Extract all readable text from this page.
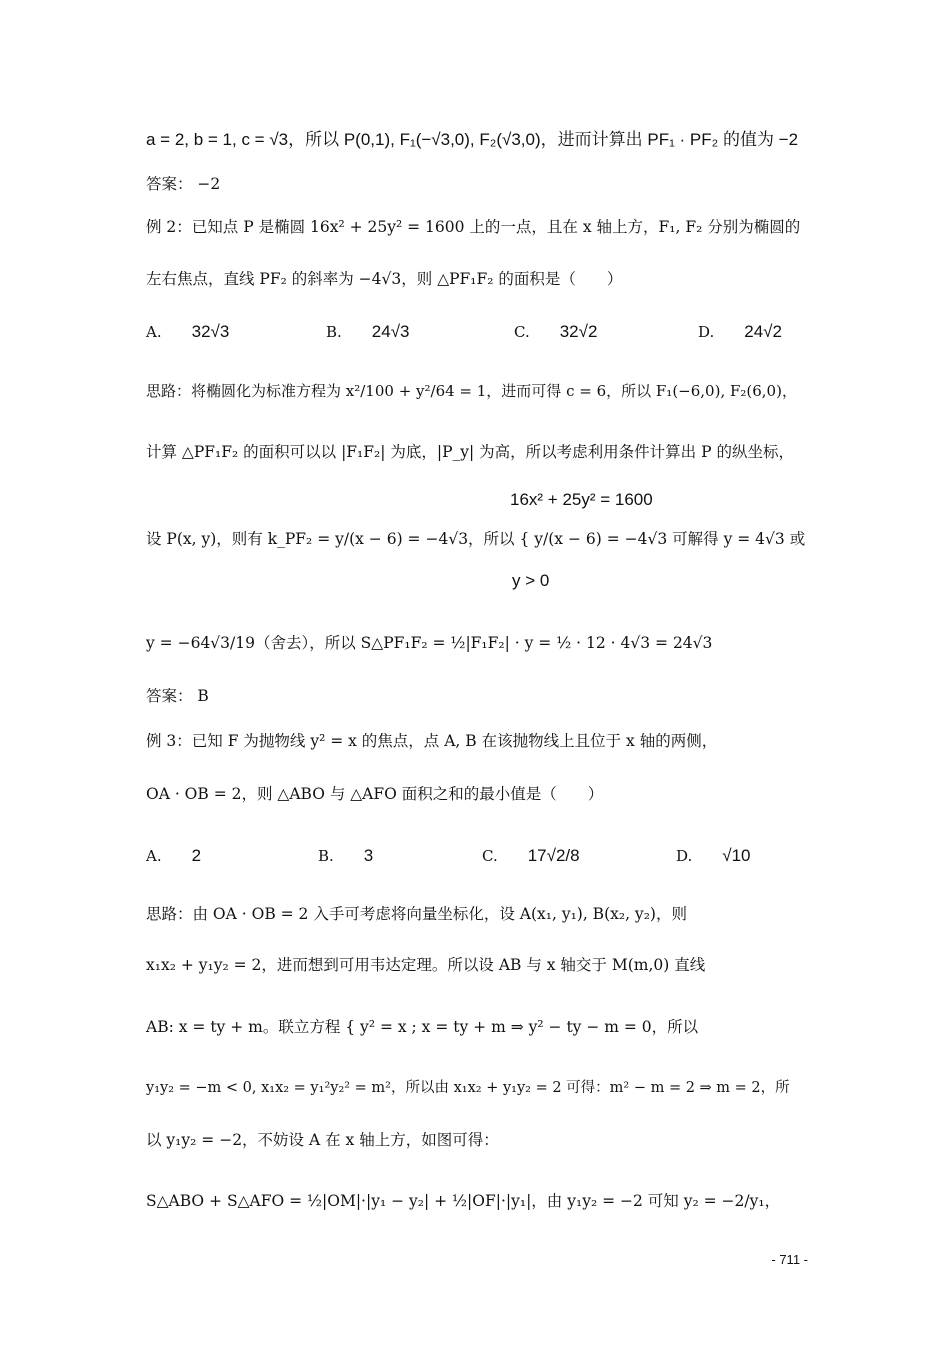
a = 2, b = 1, c = √3，所以 P(0,1), F₁(−√3,0), F₂(√3,0)，进而计算出 PF₁ · PF₂ 的值为 −2
答案： −2
例 2：已知点 P 是椭圆 16x² + 25y² = 1600 上的一点，且在 x 轴上方，F₁, F₂ 分别为椭圆的
左右焦点，直线 PF₂ 的斜率为 −4√3，则 △PF₁F₂ 的面积是（　　）
A. 32√3	B. 24√3	C. 32√2	D. 24√2
思路：将椭圆化为标准方程为 x²/100 + y²/64 = 1，进而可得 c = 6，所以 F₁(−6,0), F₂(6,0)，
计算 △PF₁F₂ 的面积可以以 |F₁F₂| 为底，|P_y| 为高，所以考虑利用条件计算出 P 的纵坐标，
16x² + 25y² = 1600
设 P(x, y)，则有 k_PF₂ = y/(x − 6) = −4√3，所以 { y/(x − 6) = −4√3 可解得 y = 4√3 或
y > 0
y = −64√3/19（舍去），所以 S△PF₁F₂ = ½|F₁F₂| · y = ½ · 12 · 4√3 = 24√3
答案： B
例 3：已知 F 为抛物线 y² = x 的焦点，点 A, B 在该抛物线上且位于 x 轴的两侧，
OA · OB = 2，则 △ABO 与 △AFO 面积之和的最小值是（　　）
A. 2	B. 3	C. 17√2/8	D. √10
思路：由 OA · OB = 2 入手可考虑将向量坐标化，设 A(x₁, y₁), B(x₂, y₂)，则
x₁x₂ + y₁y₂ = 2，进而想到可用韦达定理。所以设 AB 与 x 轴交于 M(m,0) 直线
AB: x = ty + m。联立方程 { y² = x ; x = ty + m ⇒ y² − ty − m = 0，所以
y₁y₂ = −m < 0, x₁x₂ = y₁²y₂² = m²，所以由 x₁x₂ + y₁y₂ = 2 可得：m² − m = 2 ⇒ m = 2，所
以 y₁y₂ = −2，不妨设 A 在 x 轴上方，如图可得：
S△ABO + S△AFO = ½|OM|·|y₁ − y₂| + ½|OF|·|y₁|，由 y₁y₂ = −2 可知 y₂ = −2/y₁，
- 711 -
